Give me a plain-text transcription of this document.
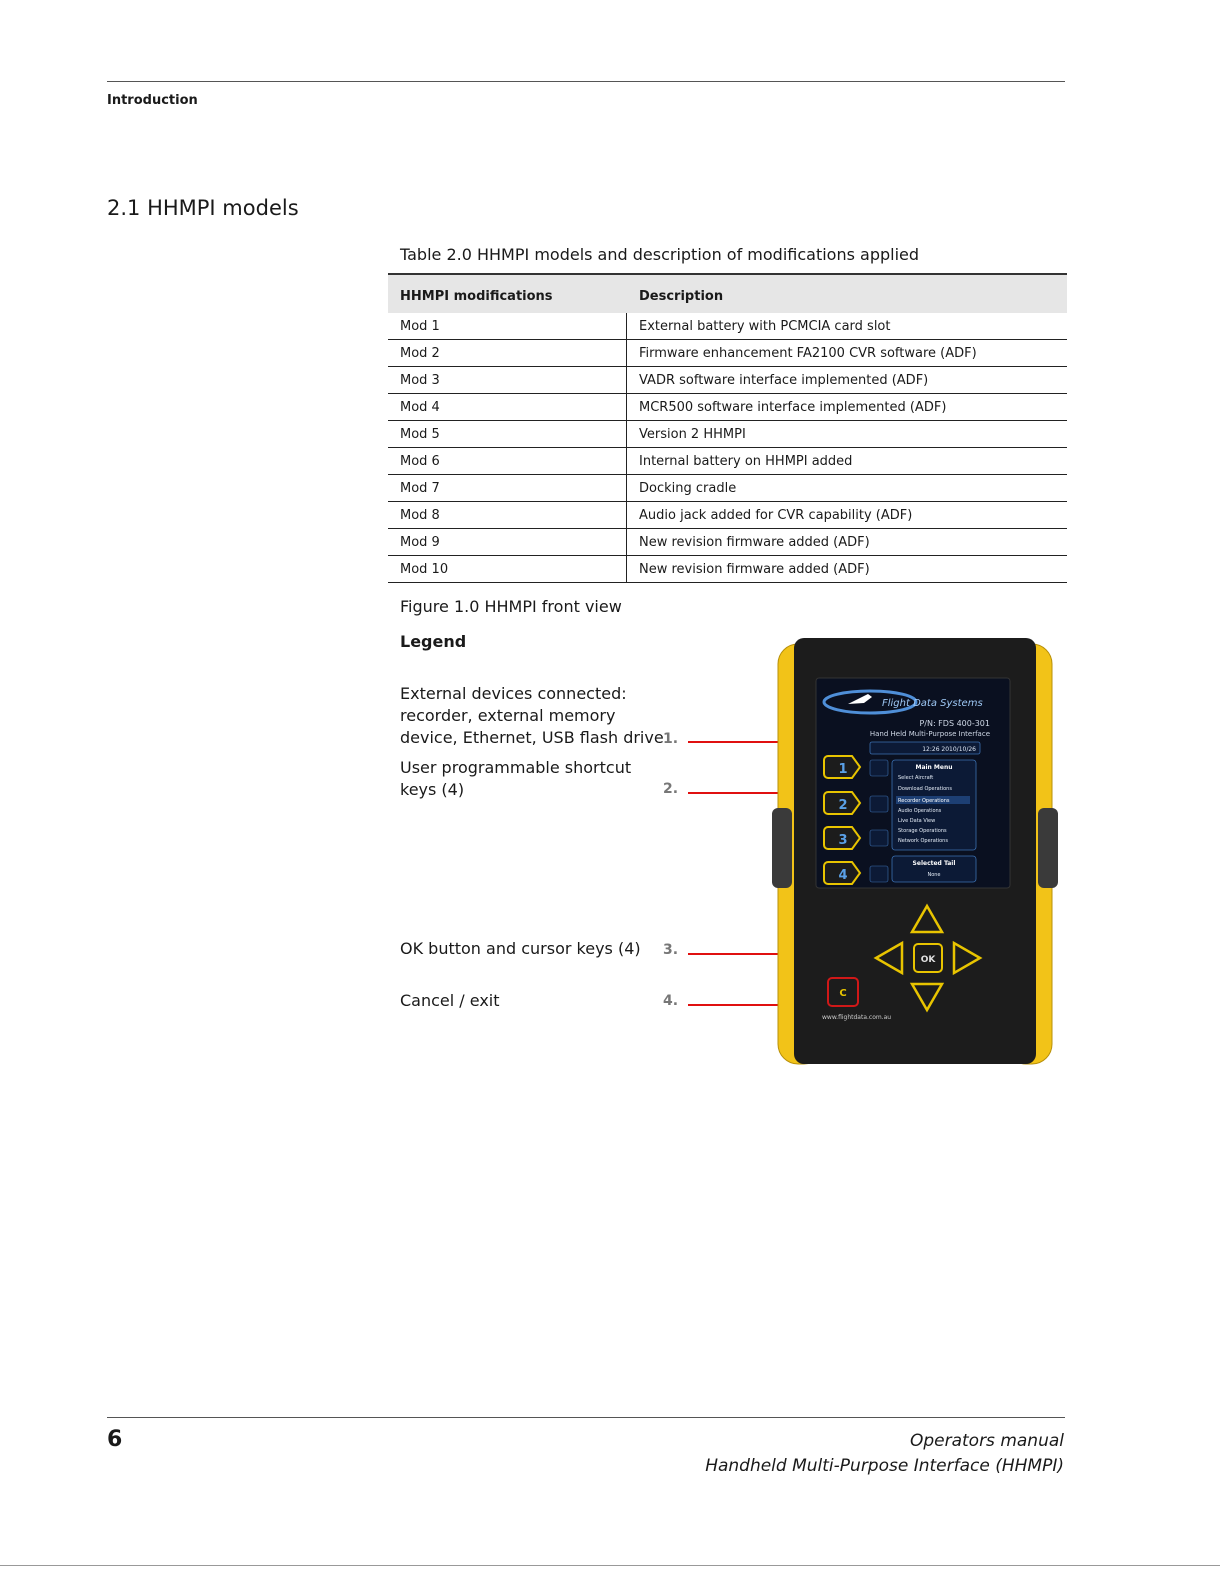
Introduction
2.1 HHMPI models
Table 2.0 HHMPI models and description of modifications applied
HHMPI modifications	Description
Mod 1	External battery with PCMCIA card slot
Mod 2	Firmware enhancement FA2100 CVR software (ADF)
Mod 3	VADR software interface implemented (ADF)
Mod 4	MCR500 software interface implemented (ADF)
Mod 5	Version 2 HHMPI
Mod 6	Internal battery on HHMPI added
Mod 7	Docking cradle
Mod 8	Audio jack added for CVR capability (ADF)
Mod 9	New revision firmware added (ADF)
Mod 10	New revision firmware added (ADF)
Figure 1.0 HHMPI front view
Legend
External devices connected: recorder, external memory device, Ethernet, USB flash drive 1.
User programmable shortcut keys (4)	2.
OK button and cursor keys (4)	3.
Cancel / exit	4.
Flight Data Systems
P/N: FDS 400-301
Hand Held Multi-Purpose Interface
12:26 2010/10/26
Main Menu
Select Aircraft
Download Operations
Recorder Operations
Audio Operations
Live Data View
Storage Operations
Network Operations
Selected Tail
None
1
2
3
4
OK
C
www.flightdata.com.au
6	Operators manual
Handheld Multi-Purpose Interface (HHMPI)
